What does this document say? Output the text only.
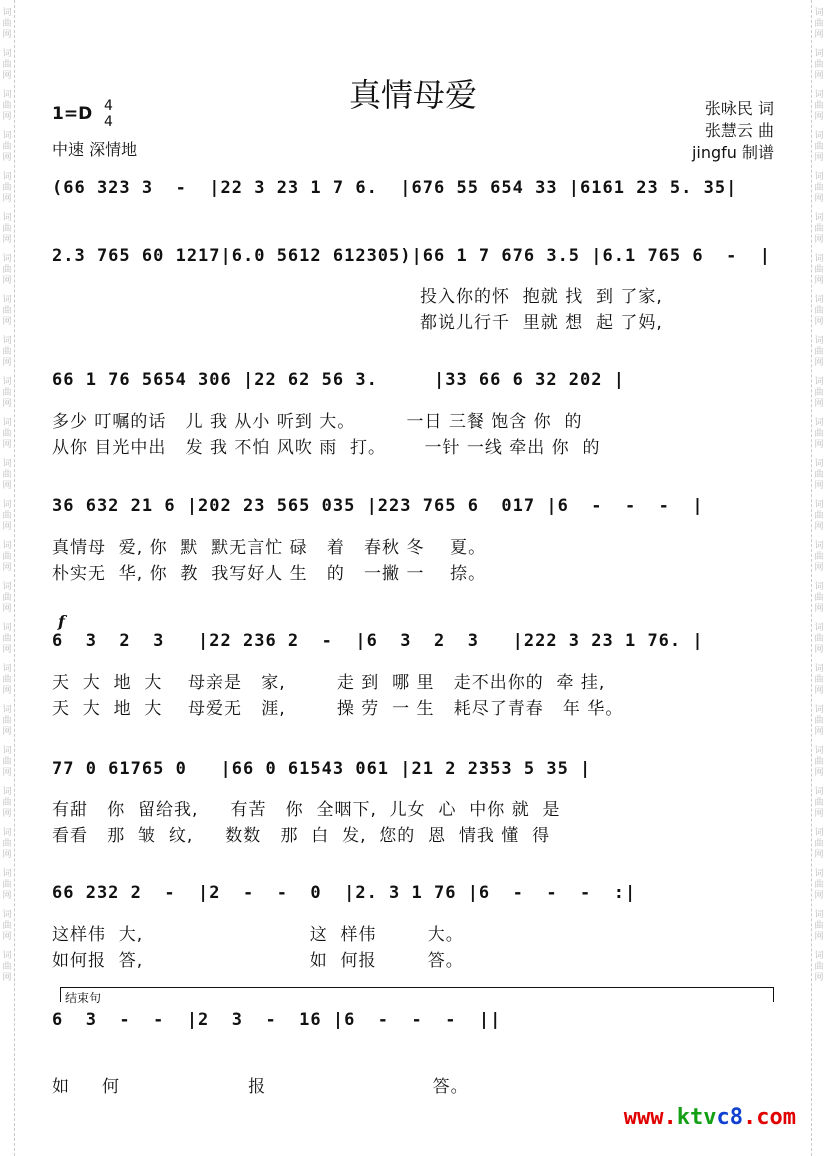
词曲网
词曲网
词曲网
词曲网
词曲网
词曲网
词曲网
词曲网
词曲网
词曲网
词曲网
词曲网
词曲网
词曲网
词曲网
词曲网
词曲网
词曲网
词曲网
词曲网
词曲网
词曲网
词曲网
词曲网
词曲网
词曲网
词曲网
词曲网
词曲网
词曲网
词曲网
词曲网
词曲网
词曲网
词曲网
词曲网
词曲网
词曲网
词曲网
词曲网
词曲网
词曲网
词曲网
词曲网
词曲网
词曲网
词曲网
词曲网
真情母爱
1=D 4
4
中速 深情地
张咏民 词
张慧云 曲
jingfu 制谱
(66 323 3  -  |22 3 23 1 7 6.  |676 55 654 33 |6161 23 5. 35|
2.3 765 60 1217|6.0 5612 612305)|66 1 7 676 3.5 |6.1 765 6  -  |
投入你的怀  抱就 找  到 了家,
都说儿行千  里就 想  起 了妈,
66 1 76 5654 306 |22 62 56 3.     |33 66 6 32 202 |
多少 叮嘱的话   儿 我 从小 听到 大。        一日 三餐 饱含 你  的
从你 目光中出   发 我 不怕 风吹 雨  打。      一针 一线 牵出 你  的
36 632 21 6 |202 23 565 035 |223 765 6  017 |6  -  -  -  |
真情母  爱, 你  默  默无言忙 碌   着   春秋 冬    夏。
朴实无  华, 你  教  我写好人 生   的   一撇 一    捺。
f
6  3  2  3   |22 236 2  -  |6  3  2  3   |222 3 23 1 76. |
天  大  地  大    母亲是   家,        走 到  哪 里   走不出你的  牵 挂,
天  大  地  大    母爱无   涯,        操 劳  一 生   耗尽了青春   年 华。
77 0 61765 0   |66 0 61543 061 |21 2 2353 5 35 |
有甜   你  留给我,     有苦   你  全咽下,  儿女  心  中你 就  是
看看   那  皱  纹,     数数   那  白  发,  您的  恩  情我 懂  得
66 232 2  -  |2  -  -  0  |2. 3 1 76 |6  -  -  -  :|
这样伟  大,                          这  样伟        大。
如何报  答,                          如  何报        答。
结束句
6  3  -  -  |2  3  -  16 |6  -  -  -  ||
如     何                    报                          答。
www.ktvc8.com
